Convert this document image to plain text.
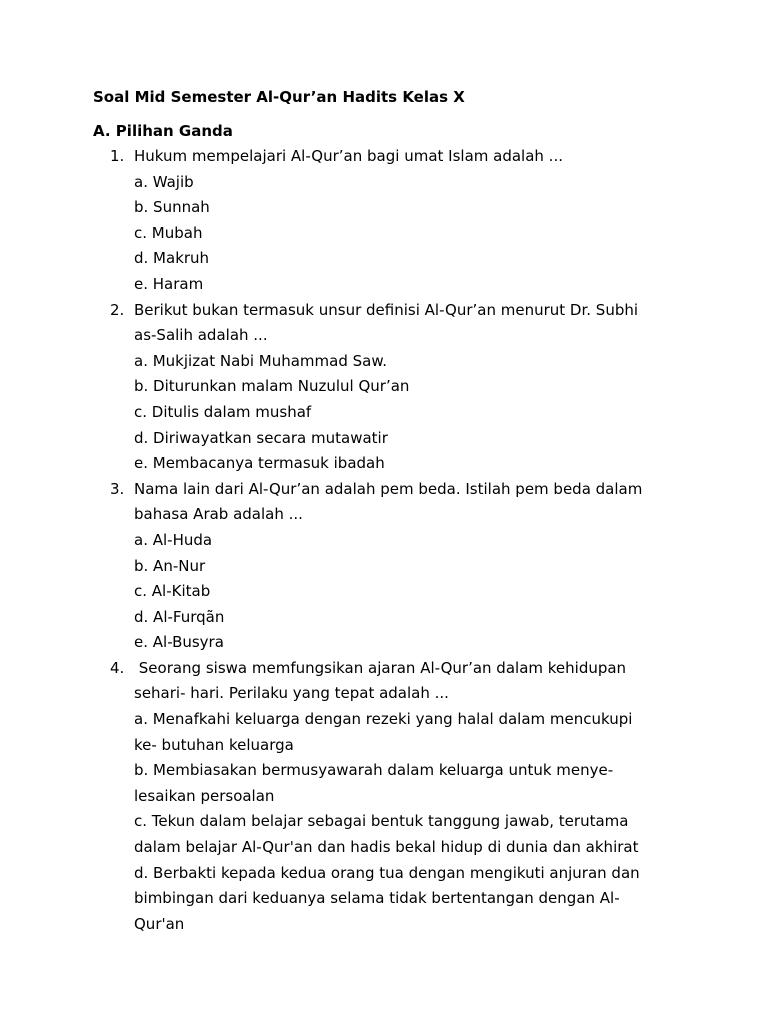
Soal Mid Semester Al-Qur’an Hadits Kelas X
A. Pilihan Ganda
1. Hukum mempelajari Al-Qur’an bagi umat Islam adalah ...
a. Wajib
b. Sunnah
c. Mubah
d. Makruh
e. Haram
2. Berikut bukan termasuk unsur definisi Al-Qur’an menurut Dr. Subhi
as-Salih adalah ...
a. Mukjizat Nabi Muhammad Saw.
b. Diturunkan malam Nuzulul Qur’an
c. Ditulis dalam mushaf
d. Diriwayatkan secara mutawatir
e. Membacanya termasuk ibadah
3. Nama lain dari Al-Qur’an adalah pem beda. Istilah pem beda dalam
bahasa Arab adalah ...
a. Al-Huda
b. An-Nur
c. Al-Kitab
d. Al-Furqãn
e. Al-Busyra
4. Seorang siswa memfungsikan ajaran Al-Qur’an dalam kehidupan
sehari- hari. Perilaku yang tepat adalah ...
a. Menafkahi keluarga dengan rezeki yang halal dalam mencukupi
ke- butuhan keluarga
b. Membiasakan bermusyawarah dalam keluarga untuk menye-
lesaikan persoalan
c. Tekun dalam belajar sebagai bentuk tanggung jawab, terutama
dalam belajar Al-Qur'an dan hadis bekal hidup di dunia dan akhirat
d. Berbakti kepada kedua orang tua dengan mengikuti anjuran dan
bimbingan dari keduanya selama tidak bertentangan dengan Al-
Qur'an
